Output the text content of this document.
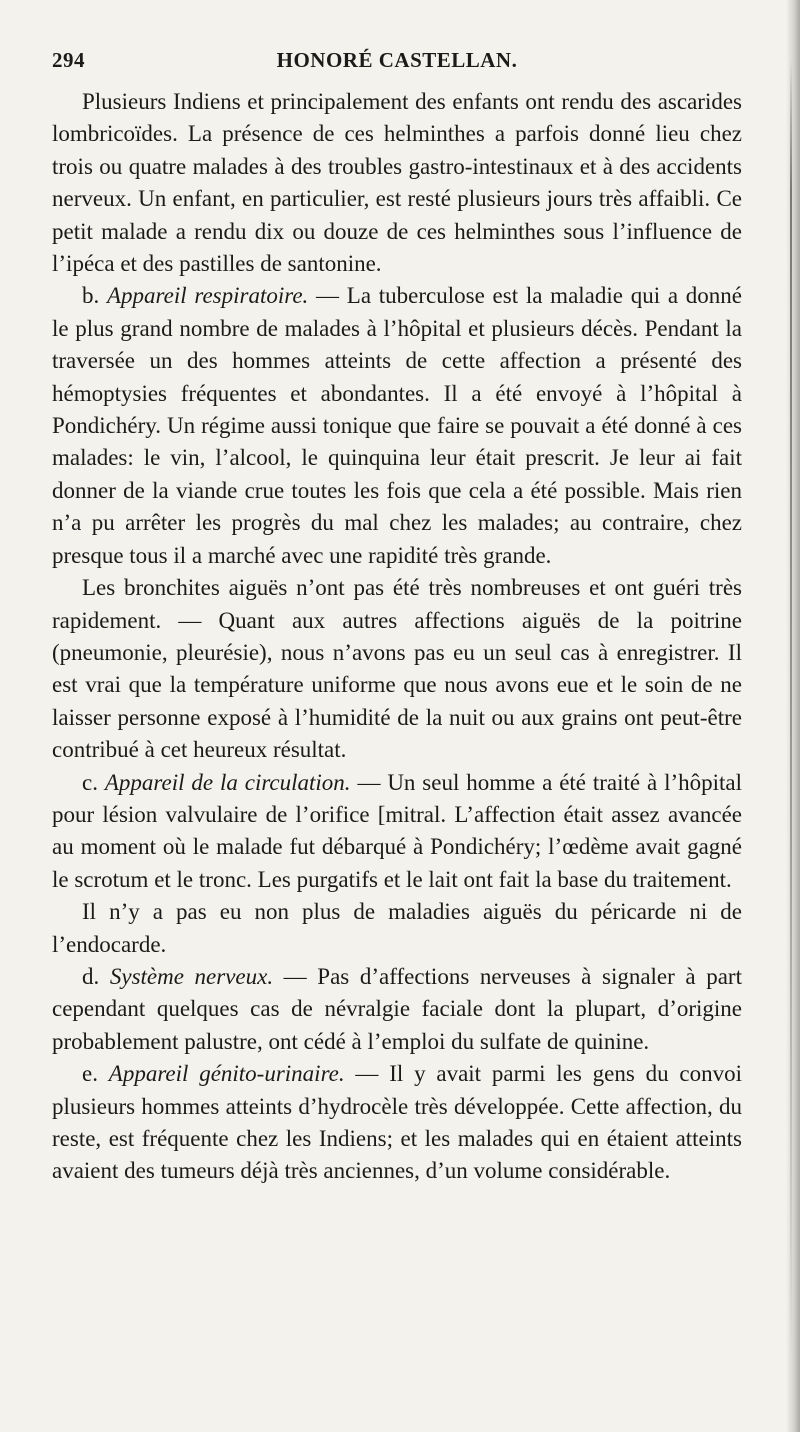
294	HONORÉ CASTELLAN.

Plusieurs Indiens et principalement des enfants ont rendu des ascarides lombricoïdes. La présence de ces helminthes a parfois donné lieu chez trois ou quatre malades à des troubles gastro-intestinaux et à des accidents nerveux. Un enfant, en particulier, est resté plusieurs jours très affaibli. Ce petit malade a rendu dix ou douze de ces helminthes sous l’influence de l’ipéca et des pastilles de santonine.

b. Appareil respiratoire. — La tuberculose est la maladie qui a donné le plus grand nombre de malades à l’hôpital et plusieurs décès. Pendant la traversée un des hommes atteints de cette affection a présenté des hémoptysies fréquentes et abondantes. Il a été envoyé à l’hôpital à Pondichéry. Un régime aussi tonique que faire se pouvait a été donné à ces malades: le vin, l’alcool, le quinquina leur était prescrit. Je leur ai fait donner de la viande crue toutes les fois que cela a été possible. Mais rien n’a pu arrêter les progrès du mal chez les malades; au contraire, chez presque tous il a marché avec une rapidité très grande.

Les bronchites aiguës n’ont pas été très nombreuses et ont guéri très rapidement. — Quant aux autres affections aiguës de la poitrine (pneumonie, pleurésie), nous n’avons pas eu un seul cas à enregistrer. Il est vrai que la température uniforme que nous avons eue et le soin de ne laisser personne exposé à l’humidité de la nuit ou aux grains ont peut-être contribué à cet heureux résultat.

c. Appareil de la circulation. — Un seul homme a été traité à l’hôpital pour lésion valvulaire de l’orifice [mitral. L’affection était assez avancée au moment où le malade fut débarqué à Pondichéry; l’œdème avait gagné le scrotum et le tronc. Les purgatifs et le lait ont fait la base du traitement.

Il n’y a pas eu non plus de maladies aiguës du péricarde ni de l’endocarde.

d. Système nerveux. — Pas d’affections nerveuses à signaler à part cependant quelques cas de névralgie faciale dont la plupart, d’origine probablement palustre, ont cédé à l’emploi du sulfate de quinine.

e. Appareil génito-urinaire. — Il y avait parmi les gens du convoi plusieurs hommes atteints d’hydrocèle très développée. Cette affection, du reste, est fréquente chez les Indiens; et les malades qui en étaient atteints avaient des tumeurs déjà très anciennes, d’un volume considérable.
